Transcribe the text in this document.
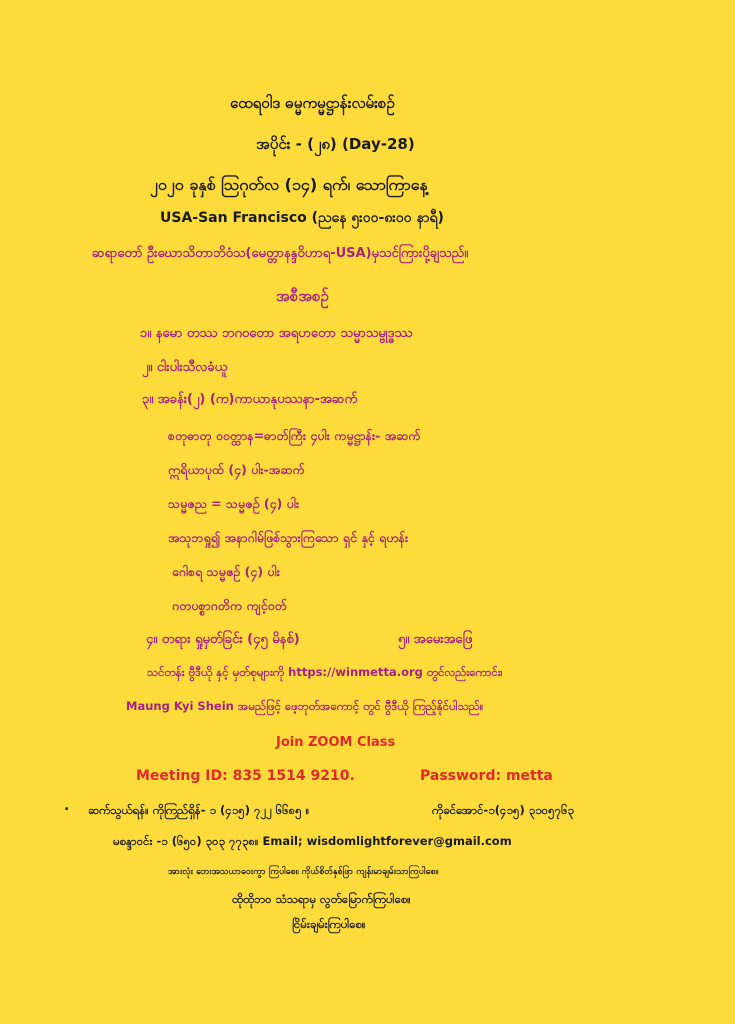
ထေရဝါဒ ဓမ္မကမ္မဋ္ဌာန်းလမ်းစဥ်
အပိုင်း - (၂၈) (Day-28)
၂၀၂၀ ခုနှစ် ဩဂုတ်လ (၁၄) ရက်၊ သောကြာနေ့
USA-San Francisco (ညနေ ၅း၀၀-၈း၀၀ နာရီ)
ဆရာတော် ဦးဃောသိတာဘိဝံသ(မေတ္တာနန္ဒဝိဟာရ-USA)မှသင်ကြားပို့ချသည်။
အစီအစဥ်
၁။ နမော တဿ ဘဂဝတော အရဟတော သမ္မာသမ္ဗုဒ္ဓဿ
၂။ ငါးပါးသီလခံယူ
၃။ အခန်း(၂) (က)ကာယာနုပဿနာ-အဆက်
စတုဓာတု ဝဝတ္ထာန=ဓာတ်ကြီး ၄ပါး ကမ္မဋ္ဌာန်း- အဆက်
ဣရိယာပုထ် (၄) ပါး-အဆက်
သမ္မဇည = သမ္မဇဥ် (၄) ပါး
အသုဘရှု၍ အနာဂါမ်ဖြစ်သွားကြသော ရှင် နှင့် ရဟန်း
ဂေါစရ သမ္မဇဥ် (၄) ပါး
ဂတပစ္စာဂတိက ကျင့်ဝတ်
၄။ တရား ရှုမှတ်ခြင်း (၄၅ မိနစ်)	၅။ အမေးအဖြေ
သင်တန်း ဗွီဒီယို နှင့် မှတ်စုများကို https://winmetta.org တွင်လည်းကောင်း၊
Maung Kyi Shein အမည်ဖြင့် ဖေ့ဘုတ်အကောင့် တွင် ဗွီဒီယို ကြည့်နိုင်ပါသည်။
Join ZOOM Class
Meeting ID: 835 1514 9210.	Password: metta
. ဆက်သွယ်ရန်။ ကိုကြည်ရှိန်- ၁ (၄၁၅) ၇၂၂ ၆၆၈၅ ။	ကိုခင်အောင်-၁(၄၁၅) ၃၁၀၅၇၆၃
မစန္ဒာဝင်း -၁ (၆၅၀) ၃၀၃ ၇၇၃၈။ Email; wisdomlightforever@gmail.com
အားလုံး ဘေးအသယာဝေးကွာ ကြပါစေ။ ကိုယ်စိတ်နှစ်ဖြာ ကျန်းမာချမ်းသာကြပါစေ။
ထိုထိုဘ၀ သံသရာမှ လွတ်မြောက်ကြပါစေ။
ငြိမ်းချမ်းကြပါစေ။
